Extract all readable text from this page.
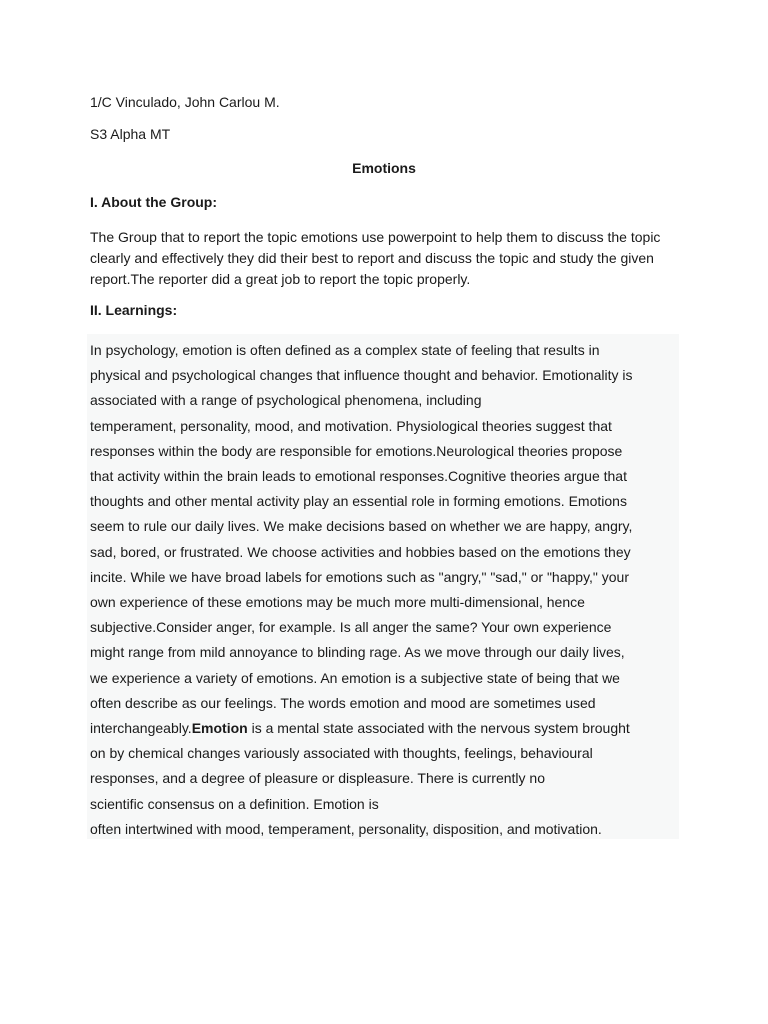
1/C Vinculado, John Carlou M.

S3 Alpha MT

Emotions

I. About the Group:

The Group that to report the topic emotions use powerpoint to help them to discuss the topic clearly and effectively they did their best to report and discuss the topic and study the given report.The reporter did a great job to report the topic properly.

II. Learnings:

In psychology, emotion is often defined as a complex state of feeling that results in
physical and psychological changes that influence thought and behavior. Emotionality is
associated with a range of psychological phenomena, including
temperament, personality, mood, and motivation. Physiological theories suggest that
responses within the body are responsible for emotions.Neurological theories propose
that activity within the brain leads to emotional responses.Cognitive theories argue that
thoughts and other mental activity play an essential role in forming emotions. Emotions
seem to rule our daily lives. We make decisions based on whether we are happy, angry,
sad, bored, or frustrated. We choose activities and hobbies based on the emotions they
incite. While we have broad labels for emotions such as "angry," "sad," or "happy," your
own experience of these emotions may be much more multi-dimensional, hence
subjective.Consider anger, for example. Is all anger the same? Your own experience
might range from mild annoyance to blinding rage. As we move through our daily lives,
we experience a variety of emotions. An emotion is a subjective state of being that we
often describe as our feelings. The words emotion and mood are sometimes used
interchangeably.Emotion is a mental state associated with the nervous system brought
on by chemical changes variously associated with thoughts, feelings, behavioural
responses, and a degree of pleasure or displeasure. There is currently no
scientific consensus on a definition. Emotion is
often intertwined with mood, temperament, personality, disposition, and motivation.
